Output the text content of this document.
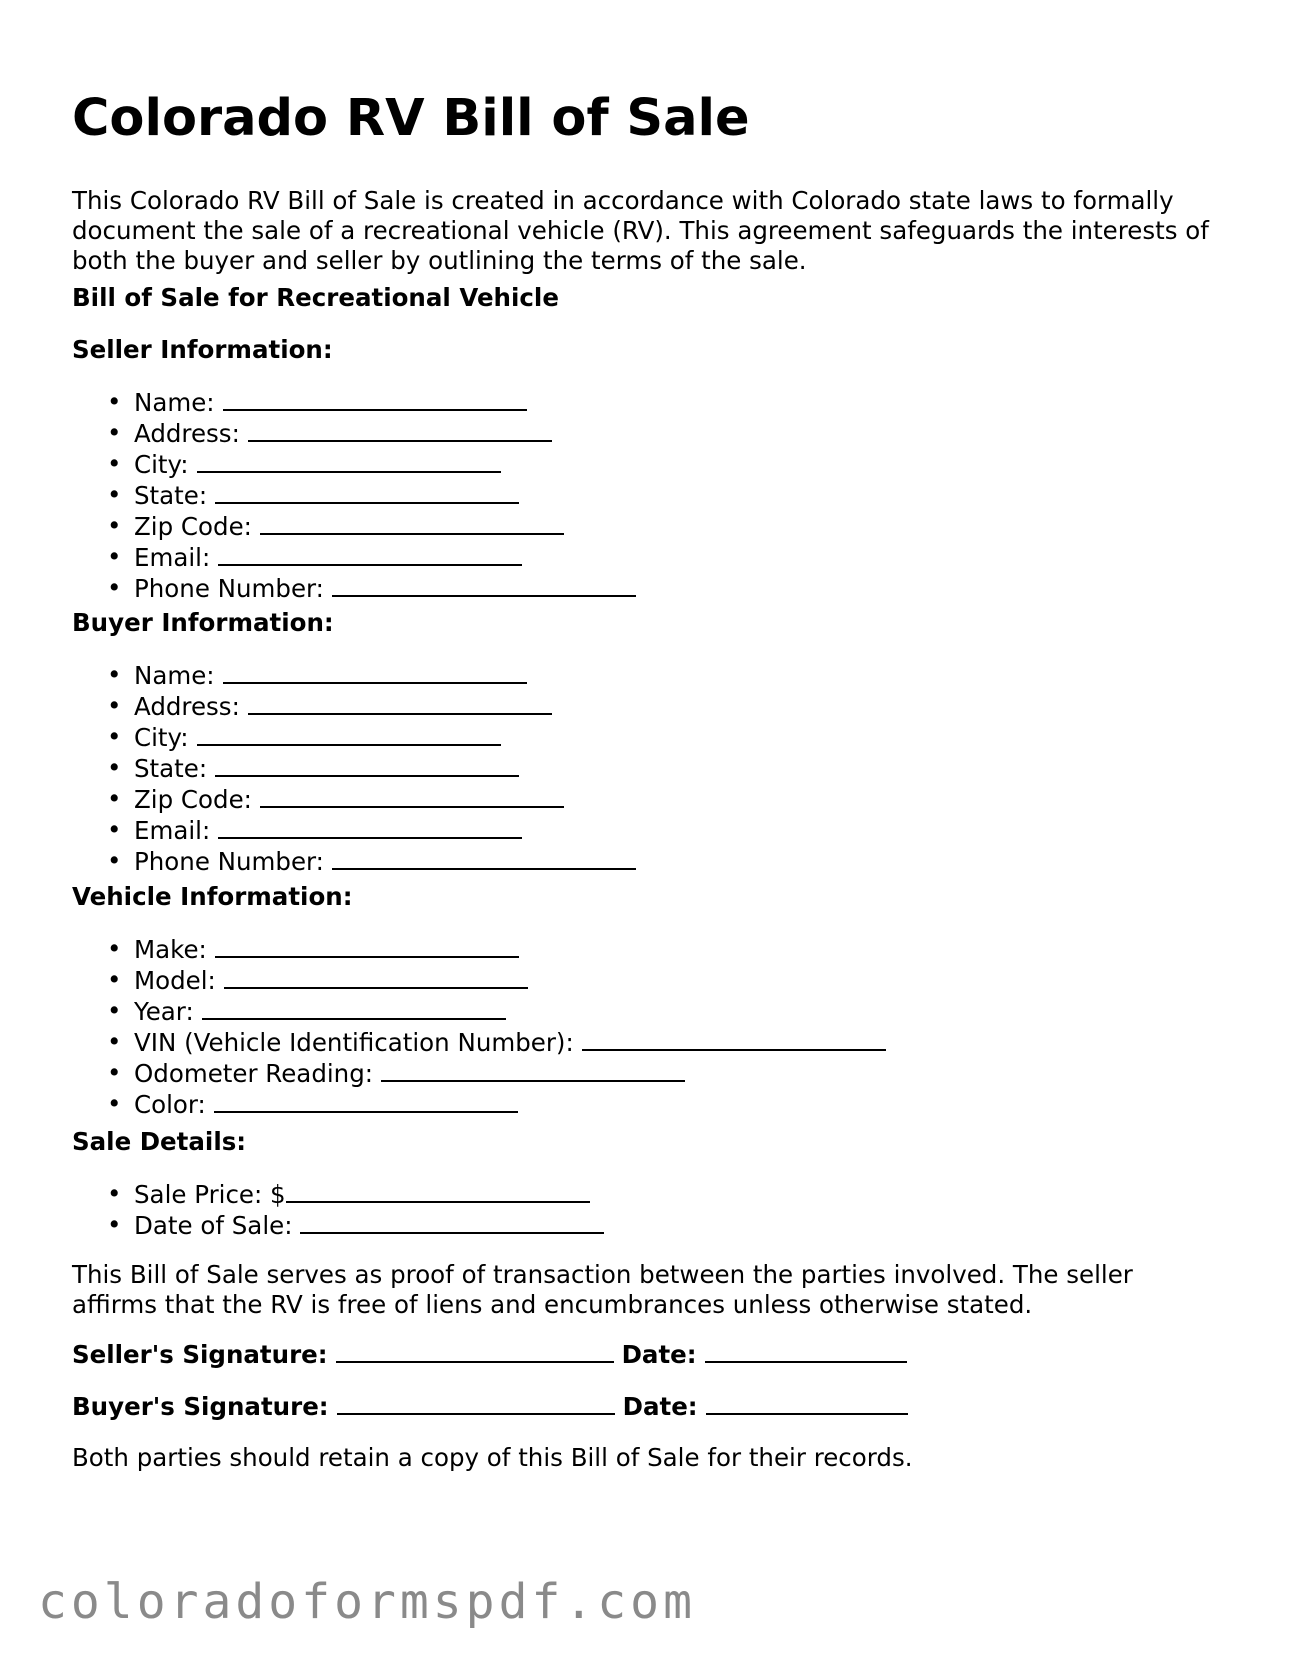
Colorado RV Bill of Sale

This Colorado RV Bill of Sale is created in accordance with Colorado state laws to formally document the sale of a recreational vehicle (RV). This agreement safeguards the interests of both the buyer and seller by outlining the terms of the sale.

Bill of Sale for Recreational Vehicle

Seller Information:

• Name:
• Address:
• City:
• State:
• Zip Code:
• Email:
• Phone Number:

Buyer Information:

• Name:
• Address:
• City:
• State:
• Zip Code:
• Email:
• Phone Number:

Vehicle Information:

• Make:
• Model:
• Year:
• VIN (Vehicle Identification Number):
• Odometer Reading:
• Color:

Sale Details:

• Sale Price: $
• Date of Sale:

This Bill of Sale serves as proof of transaction between the parties involved. The seller affirms that the RV is free of liens and encumbrances unless otherwise stated.

Seller's Signature:	Date:

Buyer's Signature:	Date:

Both parties should retain a copy of this Bill of Sale for their records.

coloradoformspdf.com
